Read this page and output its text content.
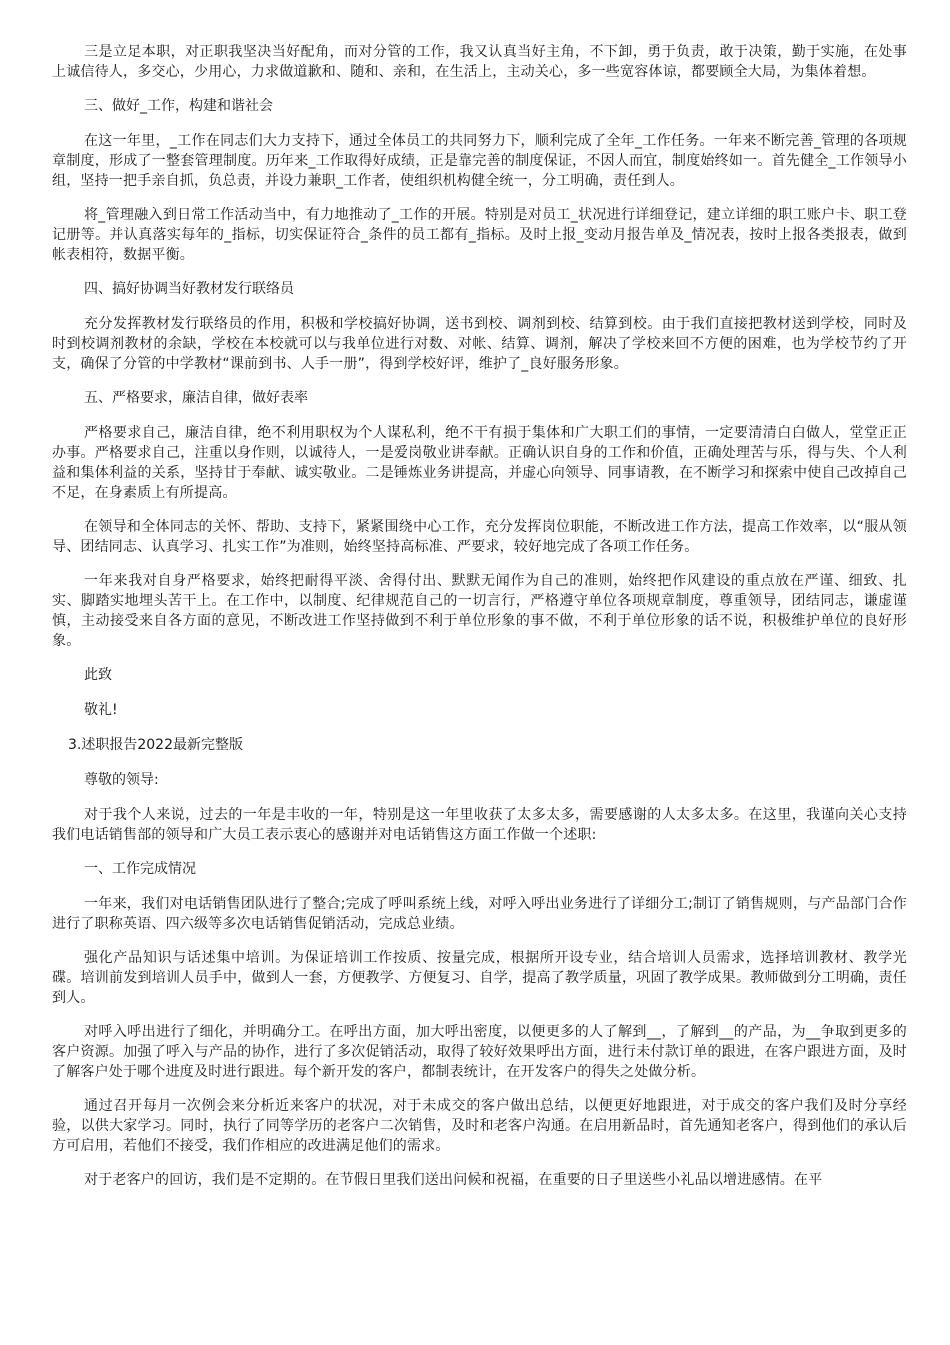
三是立足本职，对正职我坚决当好配角，而对分管的工作，我又认真当好主角，不下卸，勇于负责，敢于决策，勤于实施，在处事上诚信待人，多交心，少用心，力求做道歉和、随和、亲和，在生活上，主动关心，多一些宽容体谅，都要顾全大局，为集体着想。

三、做好_工作，构建和谐社会

在这一年里，_工作在同志们大力支持下，通过全体员工的共同努力下，顺利完成了全年_工作任务。一年来不断完善_管理的各项规章制度，形成了一整套管理制度。历年来_工作取得好成绩，正是靠完善的制度保证，不因人而宜，制度始终如一。首先健全_工作领导小组，坚持一把手亲自抓，负总责，并设力兼职_工作者，使组织机构健全统一，分工明确，责任到人。

将_管理融入到日常工作活动当中，有力地推动了_工作的开展。特别是对员工_状况进行详细登记，建立详细的职工账户卡、职工登记册等。并认真落实每年的_指标，切实保证符合_条件的员工都有_指标。及时上报_变动月报告单及_情况表，按时上报各类报表，做到帐表相符，数据平衡。

四、搞好协调当好教材发行联络员

充分发挥教材发行联络员的作用，积极和学校搞好协调，送书到校、调剂到校、结算到校。由于我们直接把教材送到学校，同时及时到校调剂教材的余缺，学校在本校就可以与我单位进行对数、对帐、结算、调剂，解决了学校来回不方便的困难，也为学校节约了开支，确保了分管的中学教材“课前到书、人手一册”，得到学校好评，维护了_良好服务形象。

五、严格要求，廉洁自律，做好表率

严格要求自己，廉洁自律，绝不利用职权为个人谋私利，绝不干有损于集体和广大职工们的事情，一定要清清白白做人，堂堂正正办事。严格要求自己，注重以身作则，以诚待人，一是爱岗敬业讲奉献。正确认识自身的工作和价值，正确处理苦与乐，得与失、个人利益和集体利益的关系，坚持甘于奉献、诚实敬业。二是锤炼业务讲提高，并虚心向领导、同事请教，在不断学习和探索中使自己改掉自己不足，在身素质上有所提高。

在领导和全体同志的关怀、帮助、支持下，紧紧围绕中心工作，充分发挥岗位职能，不断改进工作方法，提高工作效率，以“服从领导、团结同志、认真学习、扎实工作”为准则，始终坚持高标准、严要求，较好地完成了各项工作任务。

一年来我对自身严格要求，始终把耐得平淡、舍得付出、默默无闻作为自己的准则，始终把作风建设的重点放在严谨、细致、扎实、脚踏实地埋头苦干上。在工作中，以制度、纪律规范自己的一切言行，严格遵守单位各项规章制度，尊重领导，团结同志，谦虚谨慎，主动接受来自各方面的意见，不断改进工作坚持做到不利于单位形象的事不做，不利于单位形象的话不说，积极维护单位的良好形象。

此致

敬礼!

3.述职报告2022最新完整版

尊敬的领导:

对于我个人来说，过去的一年是丰收的一年，特别是这一年里收获了太多太多，需要感谢的人太多太多。在这里，我谨向关心支持我们电话销售部的领导和广大员工表示衷心的感谢并对电话销售这方面工作做一个述职:

一、工作完成情况

一年来，我们对电话销售团队进行了整合;完成了呼叫系统上线，对呼入呼出业务进行了详细分工;制订了销售规则，与产品部门合作进行了职称英语、四六级等多次电话销售促销活动，完成总业绩。

强化产品知识与话述集中培训。为保证培训工作按质、按量完成，根据所开设专业，结合培训人员需求，选择培训教材、教学光碟。培训前发到培训人员手中，做到人一套，方便教学、方便复习、自学，提高了教学质量，巩固了教学成果。教师做到分工明确，责任到人。

对呼入呼出进行了细化，并明确分工。在呼出方面，加大呼出密度，以便更多的人了解到__，了解到__的产品，为__争取到更多的客户资源。加强了呼入与产品的协作，进行了多次促销活动，取得了较好效果呼出方面，进行未付款订单的跟进，在客户跟进方面，及时了解客户处于哪个进度及时进行跟进。每个新开发的客户，都制表统计，在开发客户的得失之处做分析。

通过召开每月一次例会来分析近来客户的状况，对于未成交的客户做出总结，以便更好地跟进，对于成交的客户我们及时分享经验，以供大家学习。同时，执行了同等学历的老客户二次销售，及时和老客户沟通。在启用新品时，首先通知老客户，得到他们的承认后方可启用，若他们不接受，我们作相应的改进满足他们的需求。

对于老客户的回访，我们是不定期的。在节假日里我们送出问候和祝福，在重要的日子里送些小礼品以增进感情。在平
